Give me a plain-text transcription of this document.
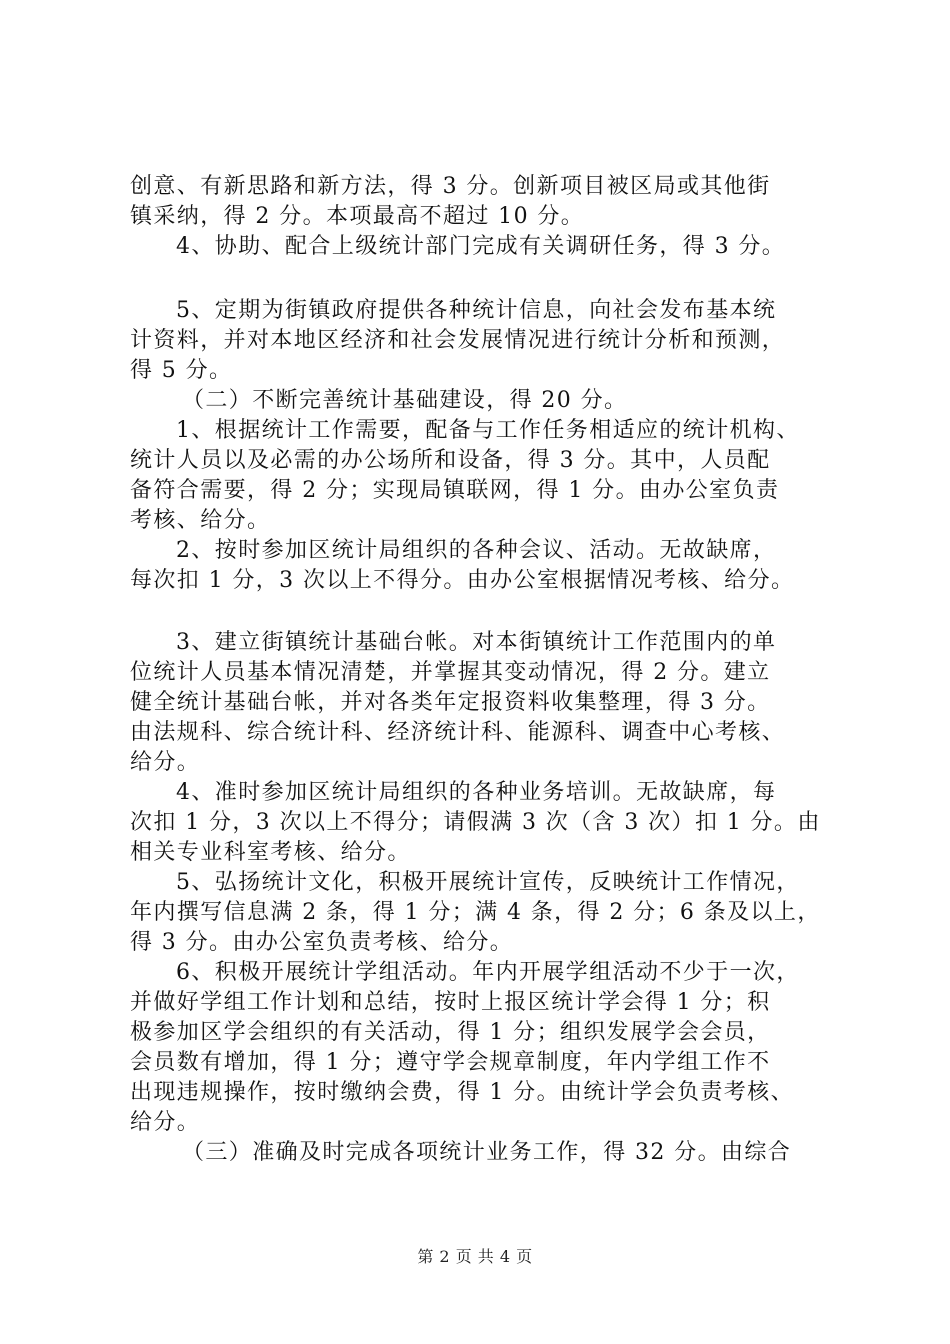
创意、有新思路和新方法，得 3 分。创新项目被区局或其他街
镇采纳，得 2 分。本项最高不超过 10 分。
4、协助、配合上级统计部门完成有关调研任务，得 3 分。
5、定期为街镇政府提供各种统计信息，向社会发布基本统
计资料，并对本地区经济和社会发展情况进行统计分析和预测，
得 5 分。
（二）不断完善统计基础建设，得 20 分。
1、根据统计工作需要，配备与工作任务相适应的统计机构、
统计人员以及必需的办公场所和设备，得 3 分。其中，人员配
备符合需要，得 2 分；实现局镇联网，得 1 分。由办公室负责
考核、给分。
2、按时参加区统计局组织的各种会议、活动。无故缺席，
每次扣 1 分，3 次以上不得分。由办公室根据情况考核、给分。
3、建立街镇统计基础台帐。对本街镇统计工作范围内的单
位统计人员基本情况清楚，并掌握其变动情况，得 2 分。建立
健全统计基础台帐，并对各类年定报资料收集整理，得 3 分。
由法规科、综合统计科、经济统计科、能源科、调查中心考核、
给分。
4、准时参加区统计局组织的各种业务培训。无故缺席，每
次扣 1 分，3 次以上不得分；请假满 3 次（含 3 次）扣 1 分。由
相关专业科室考核、给分。
5、弘扬统计文化，积极开展统计宣传，反映统计工作情况，
年内撰写信息满 2 条，得 1 分；满 4 条，得 2 分；6 条及以上，
得 3 分。由办公室负责考核、给分。
6、积极开展统计学组活动。年内开展学组活动不少于一次，
并做好学组工作计划和总结，按时上报区统计学会得 1 分；积
极参加区学会组织的有关活动，得 1 分；组织发展学会会员，
会员数有增加，得 1 分；遵守学会规章制度，年内学组工作不
出现违规操作，按时缴纳会费，得 1 分。由统计学会负责考核、
给分。
（三）准确及时完成各项统计业务工作，得 32 分。由综合
第 2 页 共 4 页
